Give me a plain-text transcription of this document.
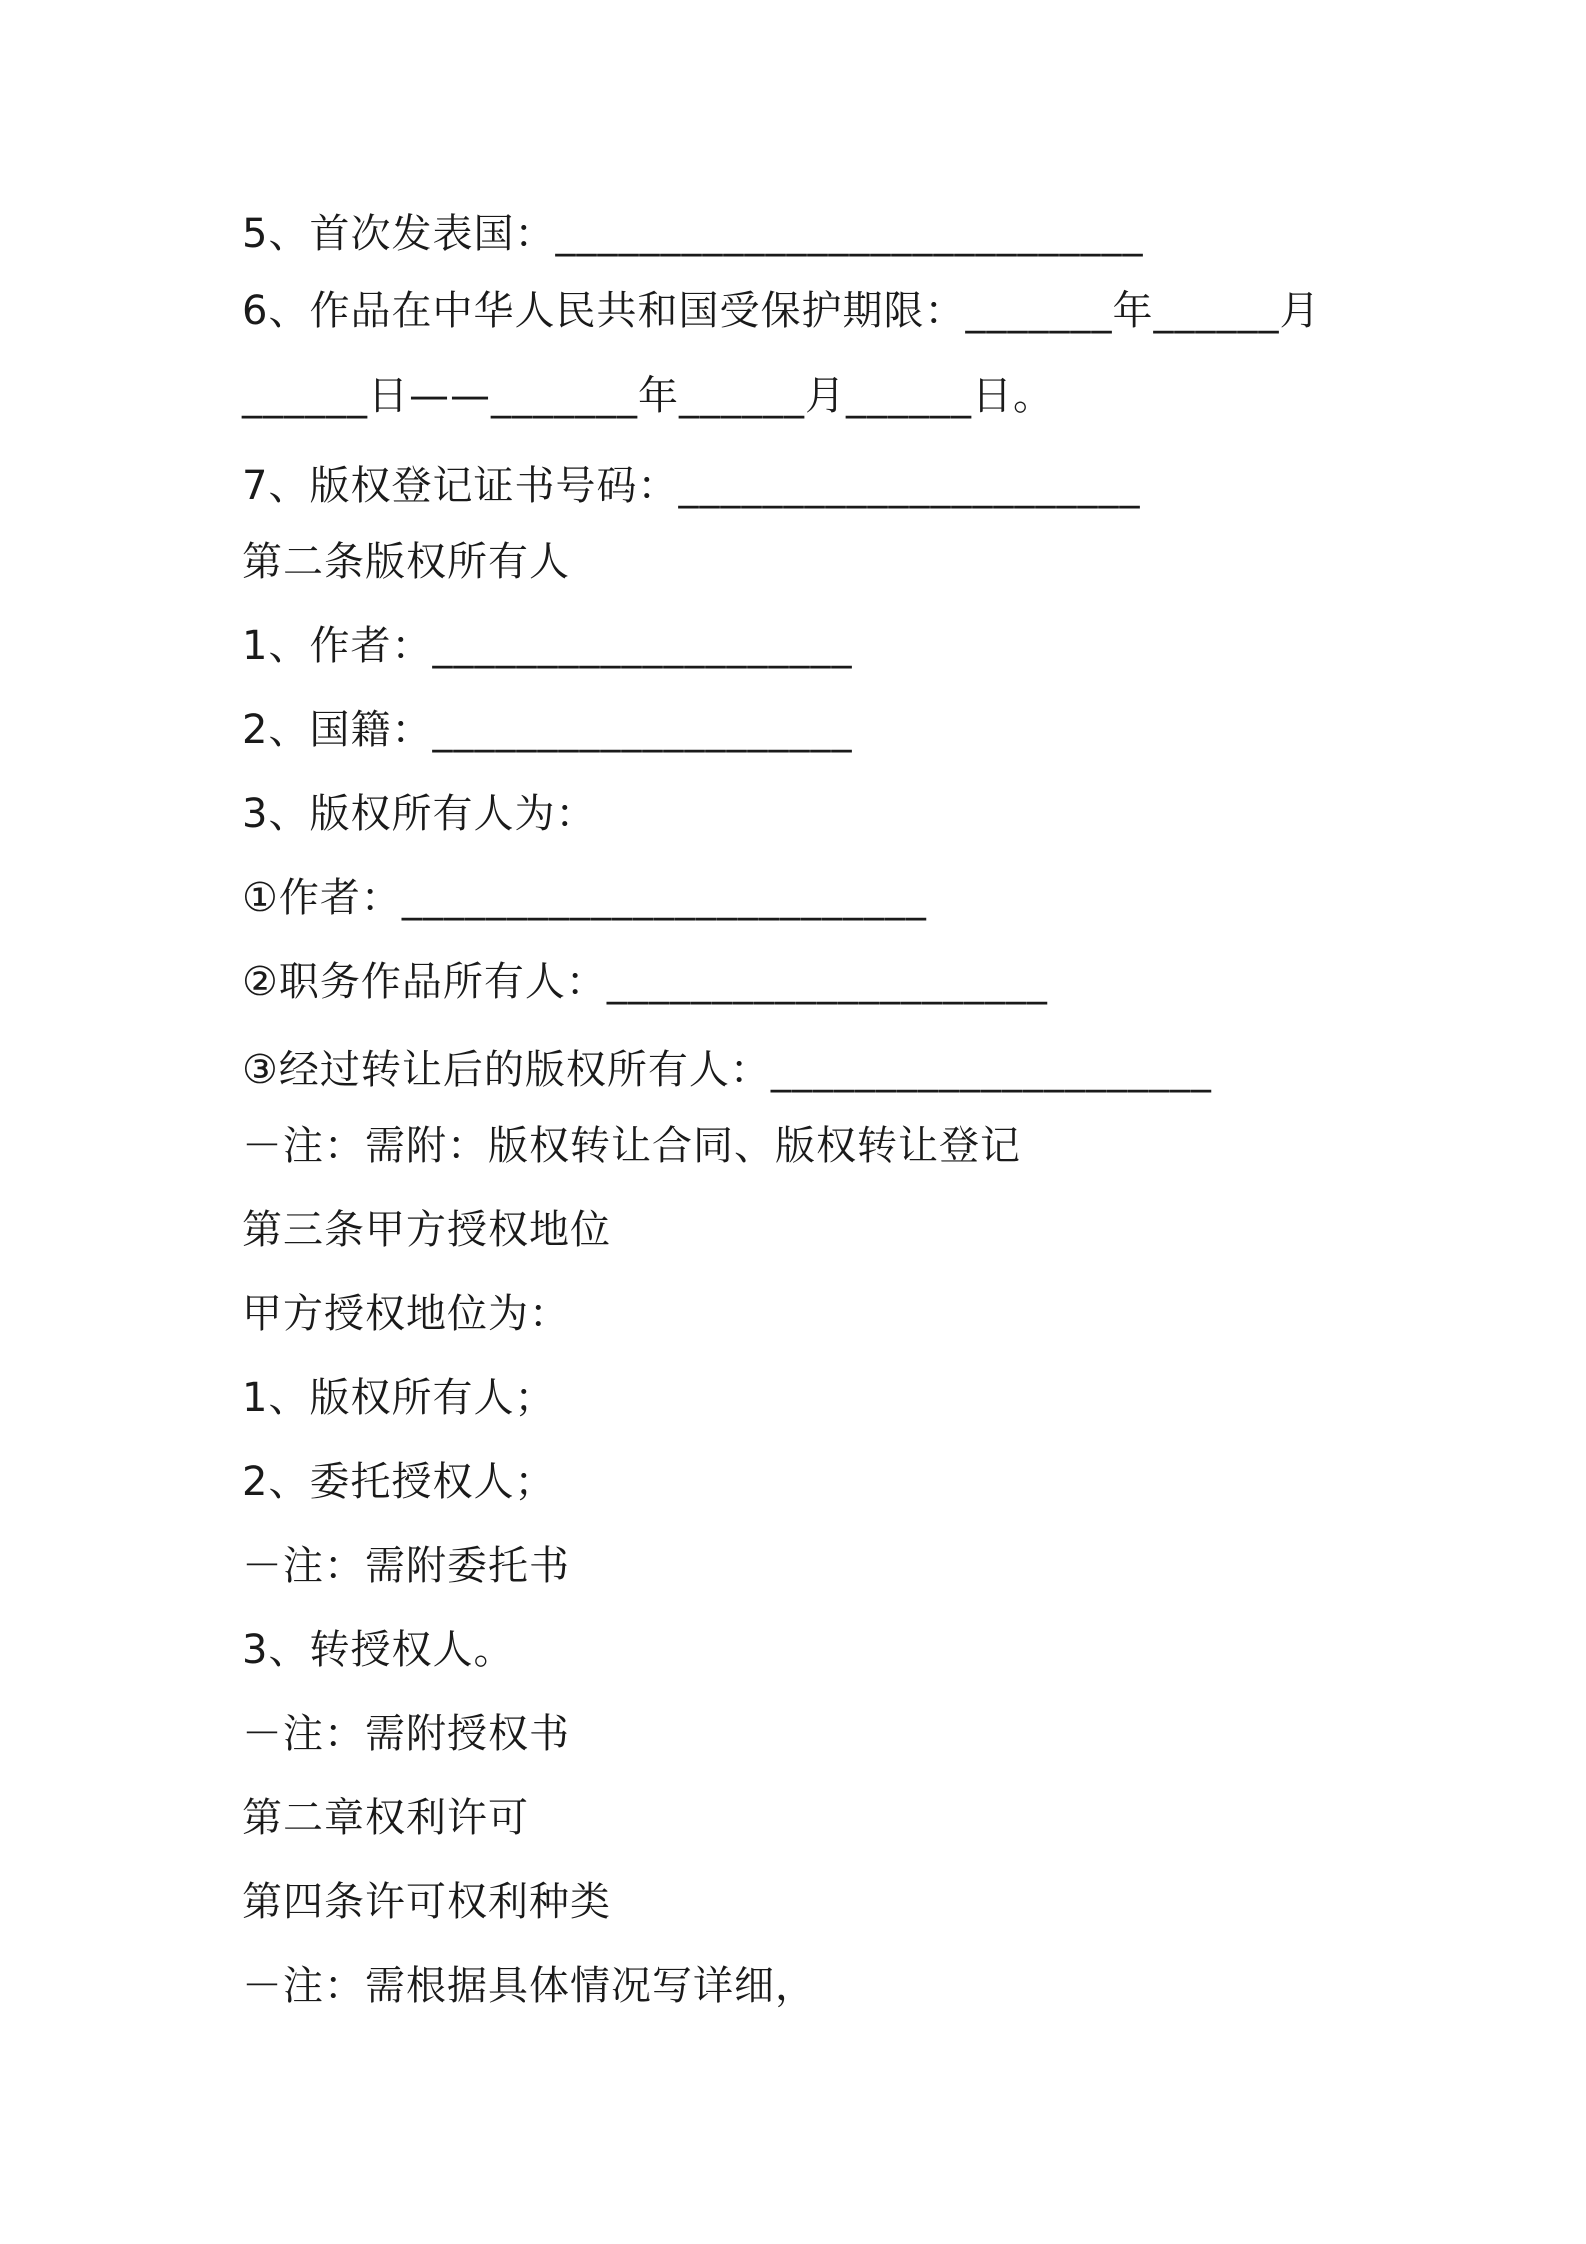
5、首次发表国：____________________________
6、作品在中华人民共和国受保护期限：_______年______月
______日——_______年______月______日。
7、版权登记证书号码：______________________
第二条版权所有人
1、作者：____________________
2、国籍：____________________
3、版权所有人为：
①作者：_________________________
②职务作品所有人：_____________________
③经过转让后的版权所有人：_____________________
－注：需附：版权转让合同、版权转让登记
第三条甲方授权地位
甲方授权地位为：
1、版权所有人；
2、委托授权人；
－注：需附委托书
3、转授权人。
－注：需附授权书
第二章权利许可
第四条许可权利种类
－注：需根据具体情况写详细，
